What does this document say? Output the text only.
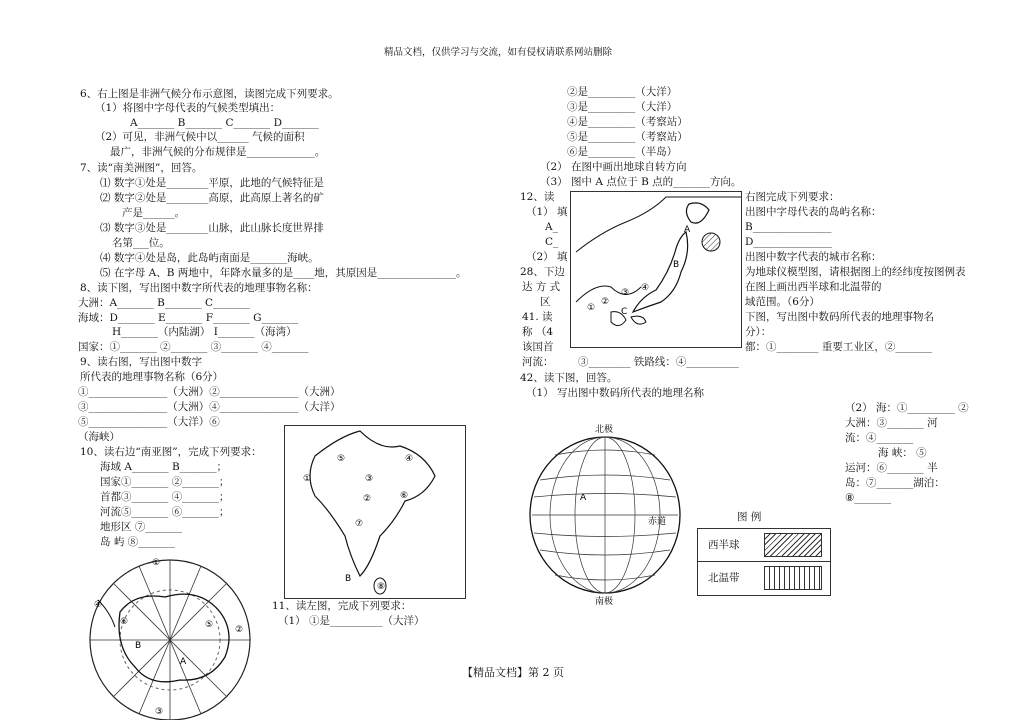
精品文档，仅供学习与交流，如有侵权请联系网站删除
6、右上图是非洲气候分布示意图，读图完成下列要求。
（1）将图中字母代表的气候类型填出：
A_______ B_______ C_______ D_______
（2）可见，非洲气候中以______ 气候的面积
最广，非洲气候的分布规律是_____________。
7、读“南美洲图”，回答。
⑴ 数字①处是________平原，此地的气候特征是
⑵ 数字②处是________高原，此高原上著名的矿
产是______。
⑶ 数字③处是________山脉，此山脉长度世界排
名第___位。
⑷ 数字④处是岛，此岛屿南面是_______海峡。
⑸ 在字母 A、B 两地中，年降水量多的是____地，其原因是_______________。
8、读下图，写出图中数字所代表的地理事物名称：
大洲：A_______ B_______ C_______
海域：D_______ E_______ F_______ G_______
H_______（内陆湖） I_______（海湾）
国家：①_______ ②_______ ③_______ ④_______
9、读右图，写出图中数字
所代表的地理事物名称（6分）
①_______________（大洲）②_______________（大洲）
③_______________（大洲）④_______________（大洋）
⑤_______________（大洋）⑥
（海峡）
10、读右边“南亚图”，完成下列要求：
海域 A_______ B_______；
国家①_______ ②_______；
首都③_______ ④_______；
河流⑤_______ ⑥_______；
地形区 ⑦_______
岛 屿 ⑧_______
①
④
⑥
B
⑤ ②
A
③
①
⑤	④
③
②	⑥
⑦
B
⑧
11、读左图，完成下列要求：
（1） ①是__________（大洋）
②是_________（大洋）
③是_________（大洋）
④是_________（考察站）
⑤是_________（考察站）
⑥是_________（半岛）
（2） 在图中画出地球自转方向
（3） 图中 A 点位于 B 点的_______方向。
12、读
（1） 填
A_
C_
（2） 填
28、下边
达 方 式
区
41. 读
称 （4
该国首
河流：
A
B
C
①
②
③ ④
右图完成下列要求：
出图中字母代表的岛屿名称：
B_______________
D_______________
出图中数字代表的城市名称：
为地球仪模型图，请根据图上的经纬度按图例表
在图上画出西半球和北温带的
域范围。（6分）
下图，写出图中数码所代表的地理事物名
分）：
都：①________ 重要工业区，②_______
③________ 铁路线：④__________
42、读下图，回答。
（1） 写出图中数码所代表的地理名称
北极
A
赤道
南极
图 例
西半球
北温带
（2） 海：①_________ ②
大洲：③_______ 河
流：④_______
海 峡： ⑤
运河：⑥_______ 半
岛：⑦_______湖泊：
⑧_______
【精品文档】第 2 页
